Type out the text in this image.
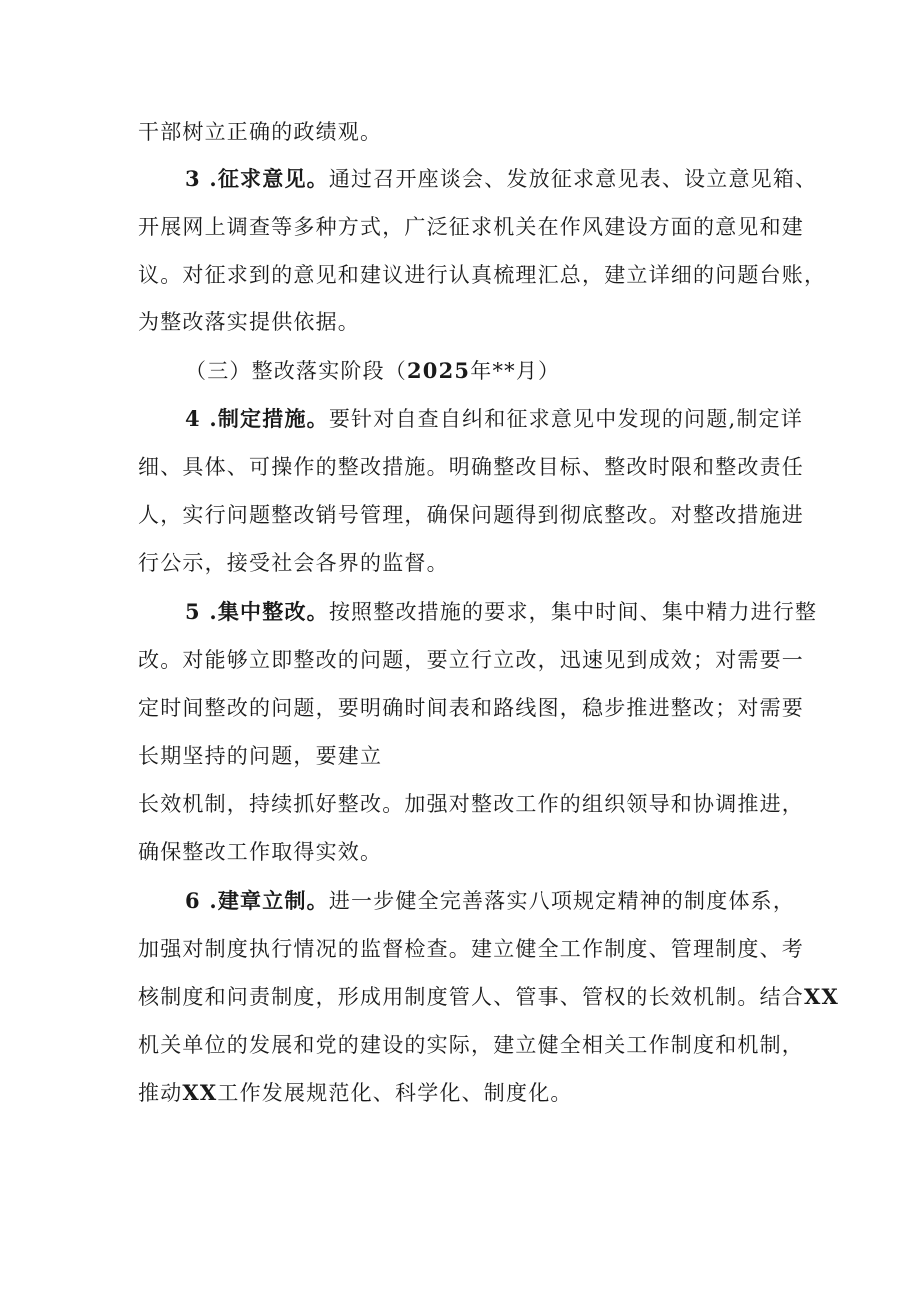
干部树立正确的政绩观。
3 .征求意见。通过召开座谈会、发放征求意见表、设立意见箱、
开展网上调查等多种方式，广泛征求机关在作风建设方面的意见和建
议。对征求到的意见和建议进行认真梳理汇总，建立详细的问题台账，
为整改落实提供依据。
（三）整改落实阶段（2025年**月）
4 .制定措施。要针对自查自纠和征求意见中发现的问题,制定详
细、具体、可操作的整改措施。明确整改目标、整改时限和整改责任
人，实行问题整改销号管理，确保问题得到彻底整改。对整改措施进
行公示，接受社会各界的监督。
5 .集中整改。按照整改措施的要求，集中时间、集中精力进行整
改。对能够立即整改的问题，要立行立改，迅速见到成效；对需要一
定时间整改的问题，要明确时间表和路线图，稳步推进整改；对需要
长期坚持的问题，要建立
长效机制，持续抓好整改。加强对整改工作的组织领导和协调推进，
确保整改工作取得实效。
6 .建章立制。进一步健全完善落实八项规定精神的制度体系，
加强对制度执行情况的监督检查。建立健全工作制度、管理制度、考
核制度和问责制度，形成用制度管人、管事、管权的长效机制。结合XX
机关单位的发展和党的建设的实际，建立健全相关工作制度和机制，
推动XX工作发展规范化、科学化、制度化。
